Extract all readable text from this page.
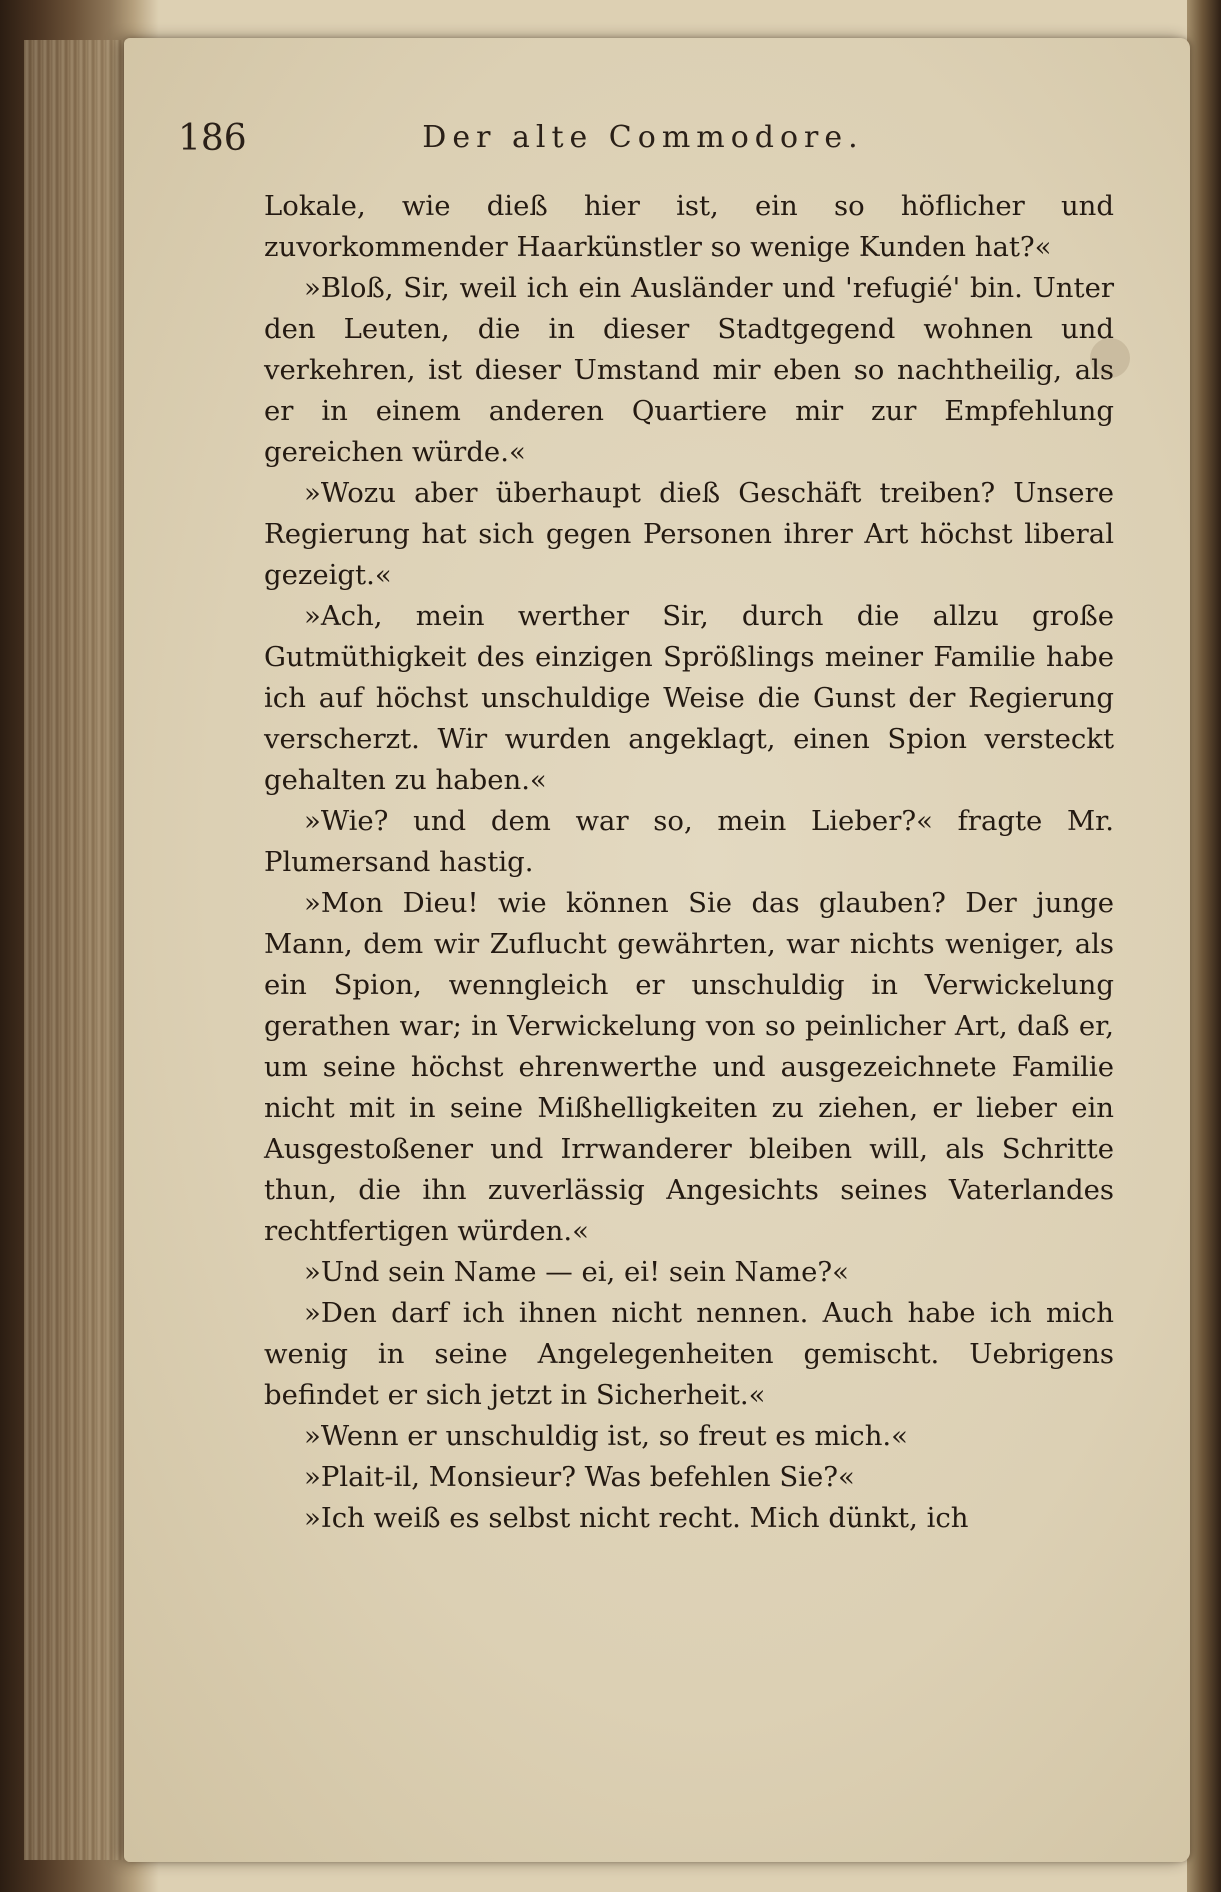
186	Der alte Commodore.

Lokale, wie dieß hier ist, ein so höflicher und zuvorkommender Haarkünstler so wenige Kunden hat?«

»Bloß, Sir, weil ich ein Ausländer und 'refugié' bin. Unter den Leuten, die in dieser Stadtgegend wohnen und verkehren, ist dieser Umstand mir eben so nachtheilig, als er in einem anderen Quartiere mir zur Empfehlung gereichen würde.«

»Wozu aber überhaupt dieß Geschäft treiben? Unsere Regierung hat sich gegen Personen ihrer Art höchst liberal gezeigt.«

»Ach, mein werther Sir, durch die allzu große Gutmüthigkeit des einzigen Sprößlings meiner Familie habe ich auf höchst unschuldige Weise die Gunst der Regierung verscherzt. Wir wurden angeklagt, einen Spion versteckt gehalten zu haben.«

»Wie? und dem war so, mein Lieber?« fragte Mr. Plumersand hastig.

»Mon Dieu! wie können Sie das glauben? Der junge Mann, dem wir Zuflucht gewährten, war nichts weniger, als ein Spion, wenngleich er unschuldig in Verwickelung gerathen war; in Verwickelung von so peinlicher Art, daß er, um seine höchst ehrenwerthe und ausgezeichnete Familie nicht mit in seine Mißhelligkeiten zu ziehen, er lieber ein Ausgestoßener und Irrwanderer bleiben will, als Schritte thun, die ihn zuverlässig Angesichts seines Vaterlandes rechtfertigen würden.«

»Und sein Name — ei, ei! sein Name?«

»Den darf ich ihnen nicht nennen. Auch habe ich mich wenig in seine Angelegenheiten gemischt. Uebrigens befindet er sich jetzt in Sicherheit.«

»Wenn er unschuldig ist, so freut es mich.«

»Plait-il, Monsieur? Was befehlen Sie?«

»Ich weiß es selbst nicht recht. Mich dünkt, ich
